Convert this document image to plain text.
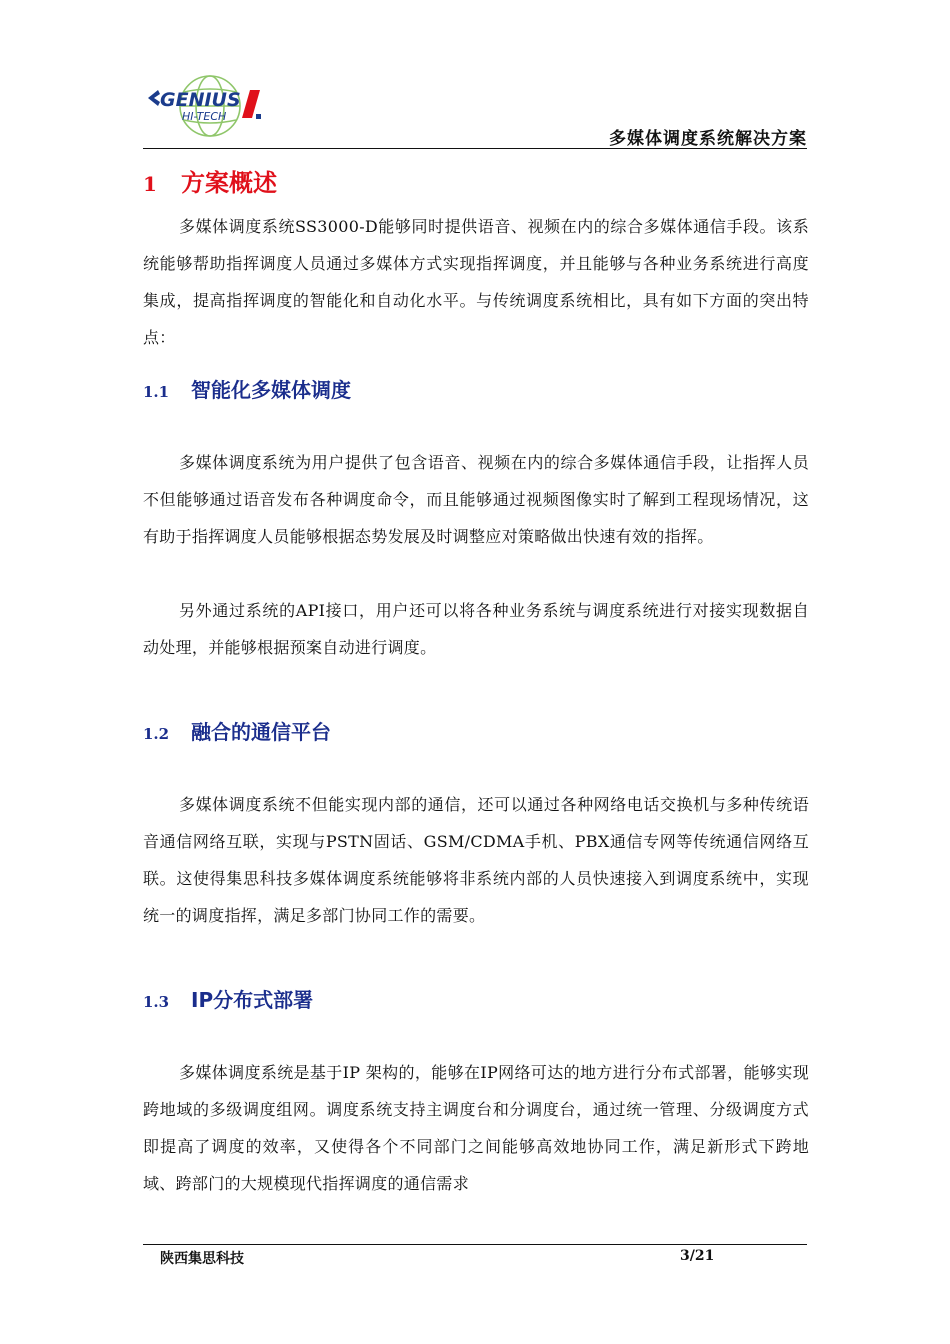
GENIUS
HI-TECH
多媒体调度系统解决方案
1 方案概述

多媒体调度系统SS3000-D能够同时提供语音、视频在内的综合多媒体通信手段。该系统能够帮助指挥调度人员通过多媒体方式实现指挥调度，并且能够与各种业务系统进行高度集成，提高指挥调度的智能化和自动化水平。与传统调度系统相比，具有如下方面的突出特点：

1.1 智能化多媒体调度

多媒体调度系统为用户提供了包含语音、视频在内的综合多媒体通信手段，让指挥人员不但能够通过语音发布各种调度命令，而且能够通过视频图像实时了解到工程现场情况，这有助于指挥调度人员能够根据态势发展及时调整应对策略做出快速有效的指挥。

另外通过系统的API接口，用户还可以将各种业务系统与调度系统进行对接实现数据自动处理，并能够根据预案自动进行调度。

1.2 融合的通信平台

多媒体调度系统不但能实现内部的通信，还可以通过各种网络电话交换机与多种传统语音通信网络互联，实现与PSTN固话、GSM/CDMA手机、PBX通信专网等传统通信网络互联。这使得集思科技多媒体调度系统能够将非系统内部的人员快速接入到调度系统中，实现统一的调度指挥，满足多部门协同工作的需要。

1.3 IP分布式部署

多媒体调度系统是基于IP 架构的，能够在IP网络可达的地方进行分布式部署，能够实现跨地域的多级调度组网。调度系统支持主调度台和分调度台，通过统一管理、分级调度方式即提高了调度的效率，又使得各个不同部门之间能够高效地协同工作，满足新形式下跨地域、跨部门的大规模现代指挥调度的通信需求

陕西集思科技	3/21
